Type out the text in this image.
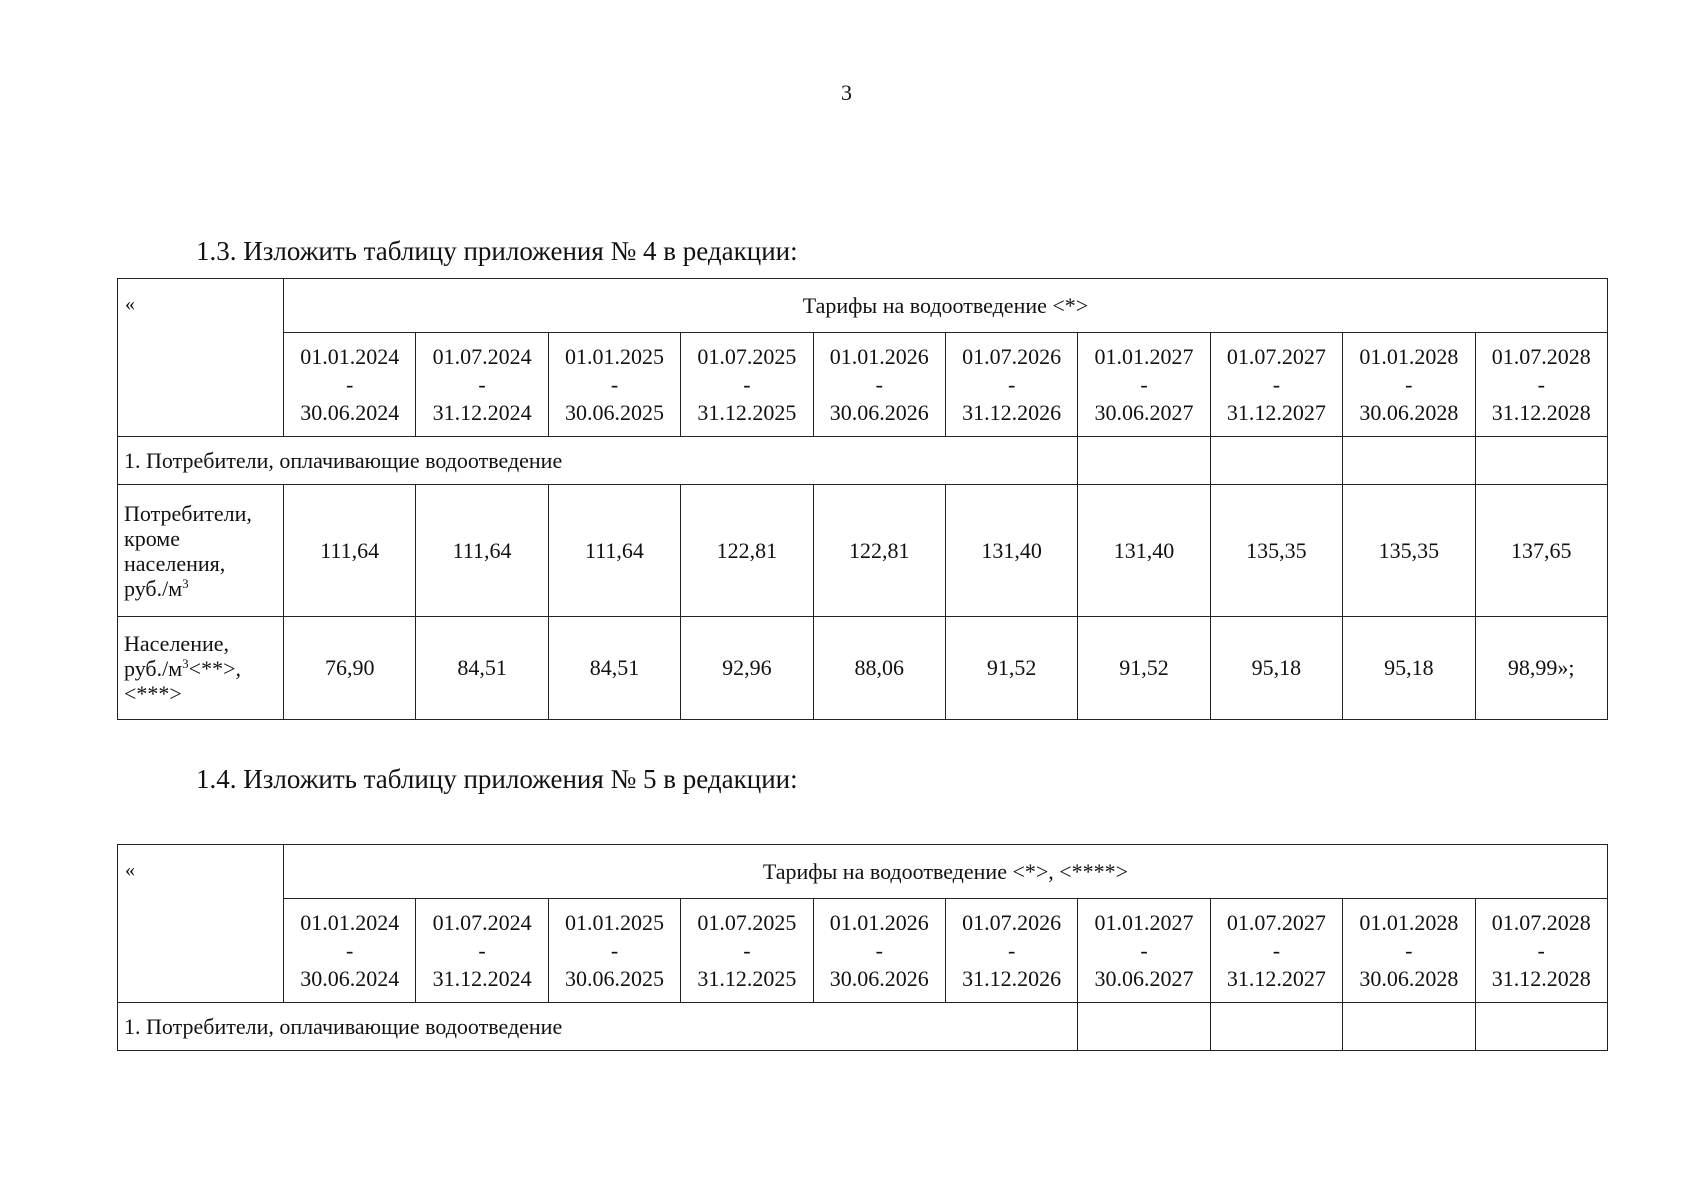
3
1.3. Изложить таблицу приложения № 4 в редакции:
«	Тарифы на водоотведение <*>									

	01.01.2024
-
30.06.2024	01.07.2024
-
31.12.2024	01.01.2025
-
30.06.2025	01.07.2025
-
31.12.2025	01.01.2026
-
30.06.2026	01.07.2026
-
31.12.2026	01.01.2027
-
30.06.2027	01.07.2027
-
31.12.2027	01.01.2028
-
30.06.2028	01.07.2028
-
31.12.2028

1. Потребители, оплачивающие водоотведение										

Потребители,
кроме
населения,
$руб./м^3$	111,64	111,64	111,64	122,81	122,81	131,40	131,40	135,35	135,35	137,65

Население,
$руб./м^3<**>$,
<***>	76,90	84,51	84,51	92,96	88,06	91,52	91,52	95,18	95,18	98,99»;
1.4. Изложить таблицу приложения № 5 в редакции:
«	Тарифы на водоотведение <*>, <****>									

	01.01.2024
-
30.06.2024	01.07.2024
-
31.12.2024	01.01.2025
-
30.06.2025	01.07.2025
-
31.12.2025	01.01.2026
-
30.06.2026	01.07.2026
-
31.12.2026	01.01.2027
-
30.06.2027	01.07.2027
-
31.12.2027	01.01.2028
-
30.06.2028	01.07.2028
-
31.12.2028

1. Потребители, оплачивающие водоотведение										
